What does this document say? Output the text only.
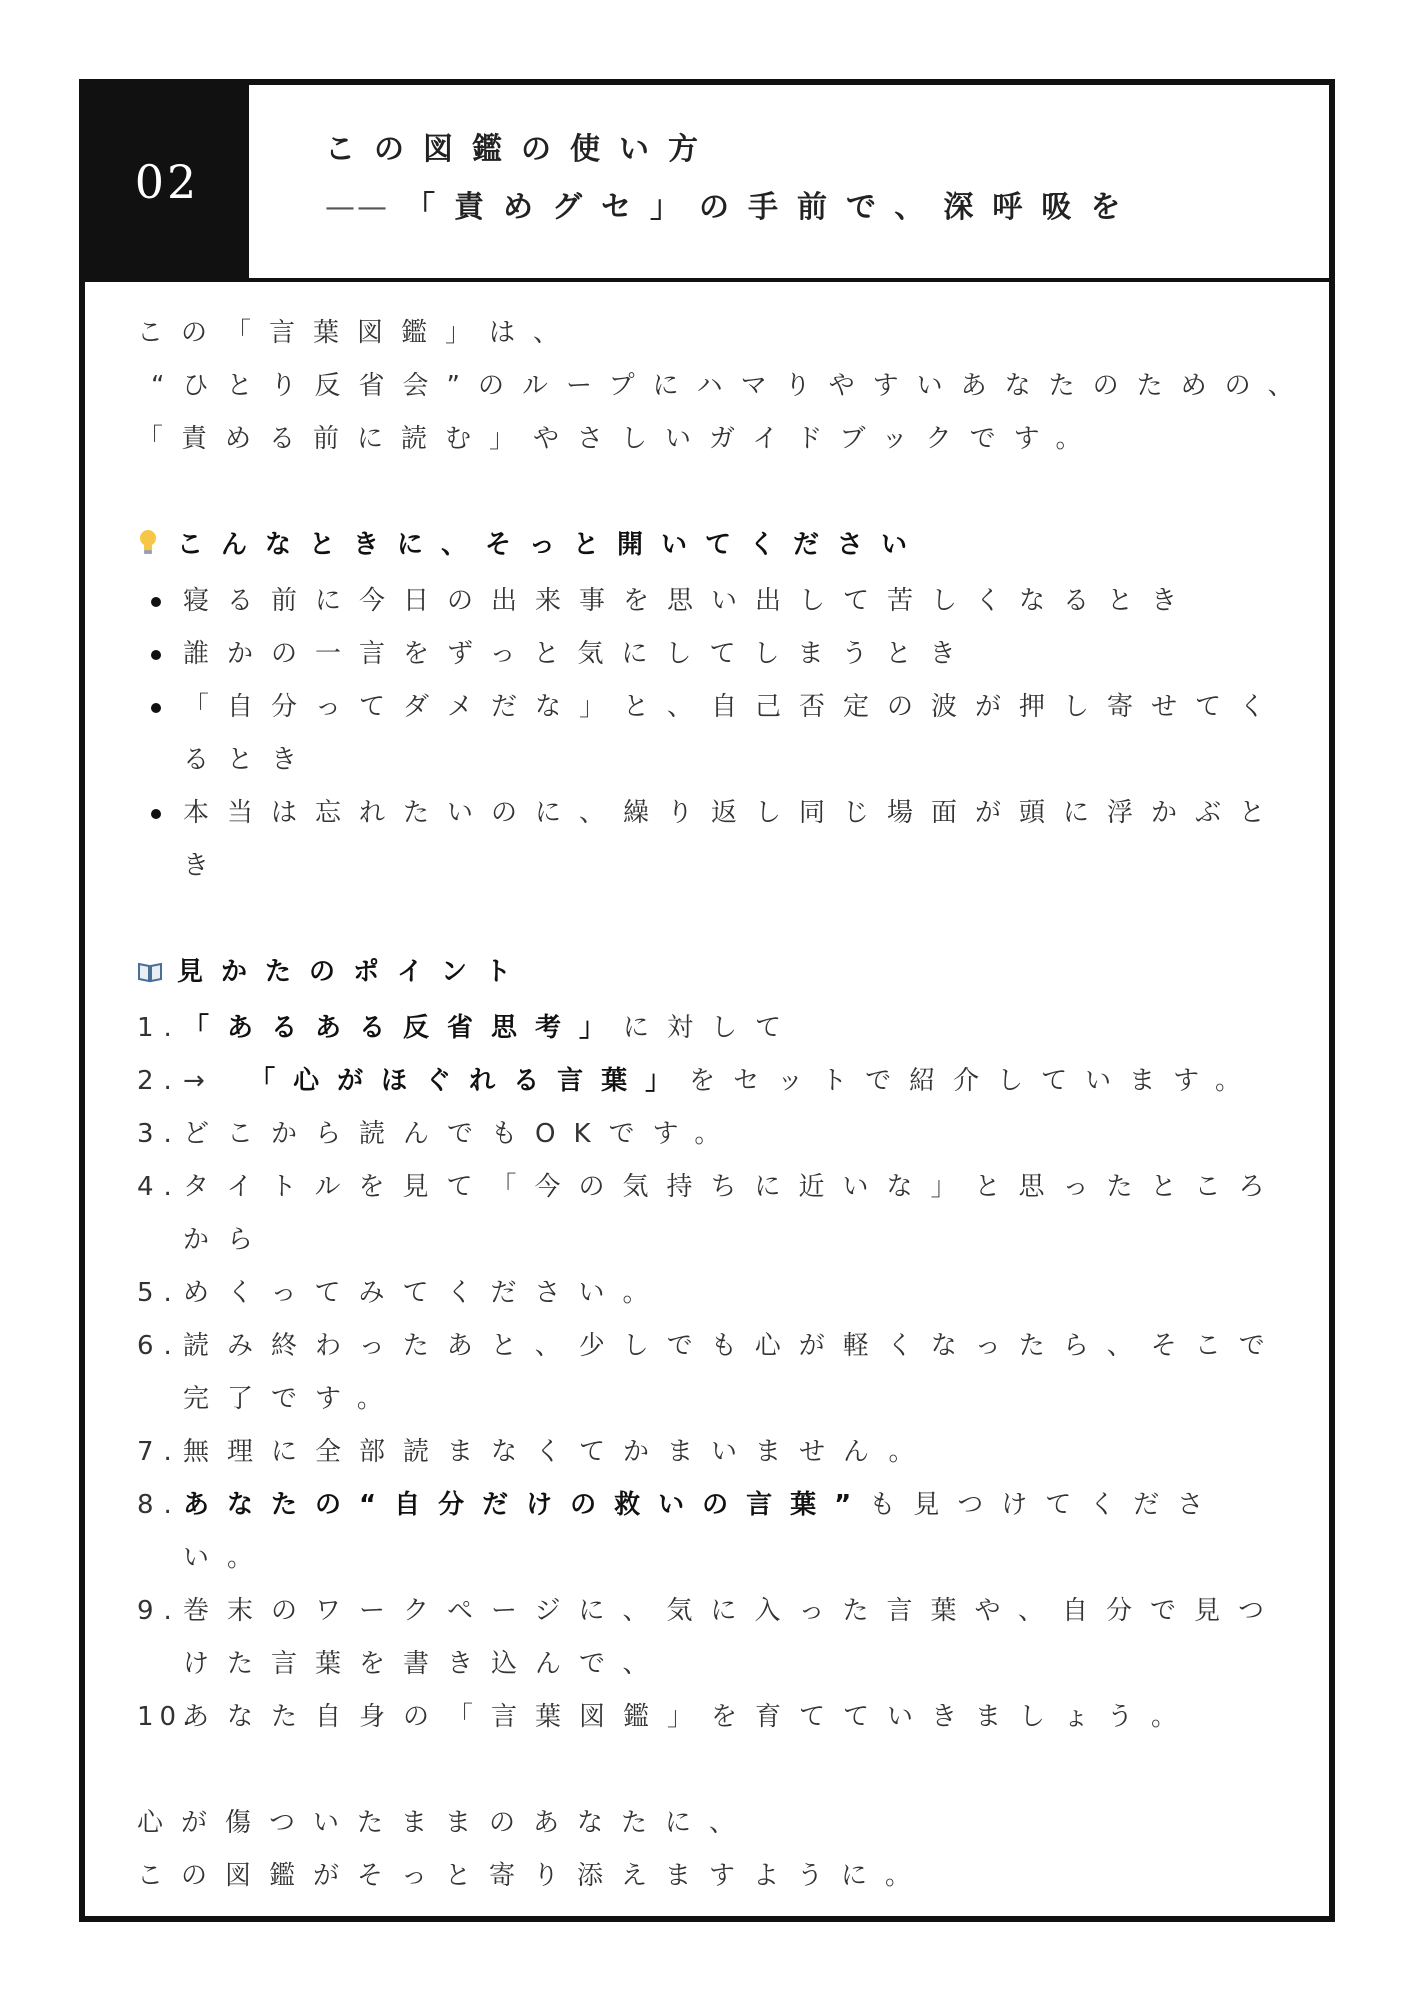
02
この図鑑の使い方
—— 「責めグセ」の手前で、深呼吸を
この「言葉図鑑」は、
“ひとり反省会”のループにハマりやすいあなたのための、
「責める前に読む」やさしいガイドブックです。
こんなときに、そっと開いてください
寝る前に今日の出来事を思い出して苦しくなるとき
誰かの一言をずっと気にしてしまうとき
「自分ってダメだな」と、自己否定の波が押し寄せてくるとき
本当は忘れたいのに、繰り返し同じ場面が頭に浮かぶとき
見かたのポイント
1. 「あるある反省思考」に対して
2. → 「心がほぐれる言葉」をセットで紹介しています。
3. どこから読んでもOKです。
4. タイトルを見て「今の気持ちに近いな」と思ったところから
5. めくってみてください。
6. 読み終わったあと、少しでも心が軽くなったら、そこで完了です。
7. 無理に全部読まなくてかまいません。
8. あなたの“自分だけの救いの言葉”も見つけてください。
9. 巻末のワークページに、気に入った言葉や、自分で見つけた言葉を書き込んで、
10.
あなた自身の「言葉図鑑」を育てていきましょう。
心が傷ついたままのあなたに、
この図鑑がそっと寄り添えますように。
